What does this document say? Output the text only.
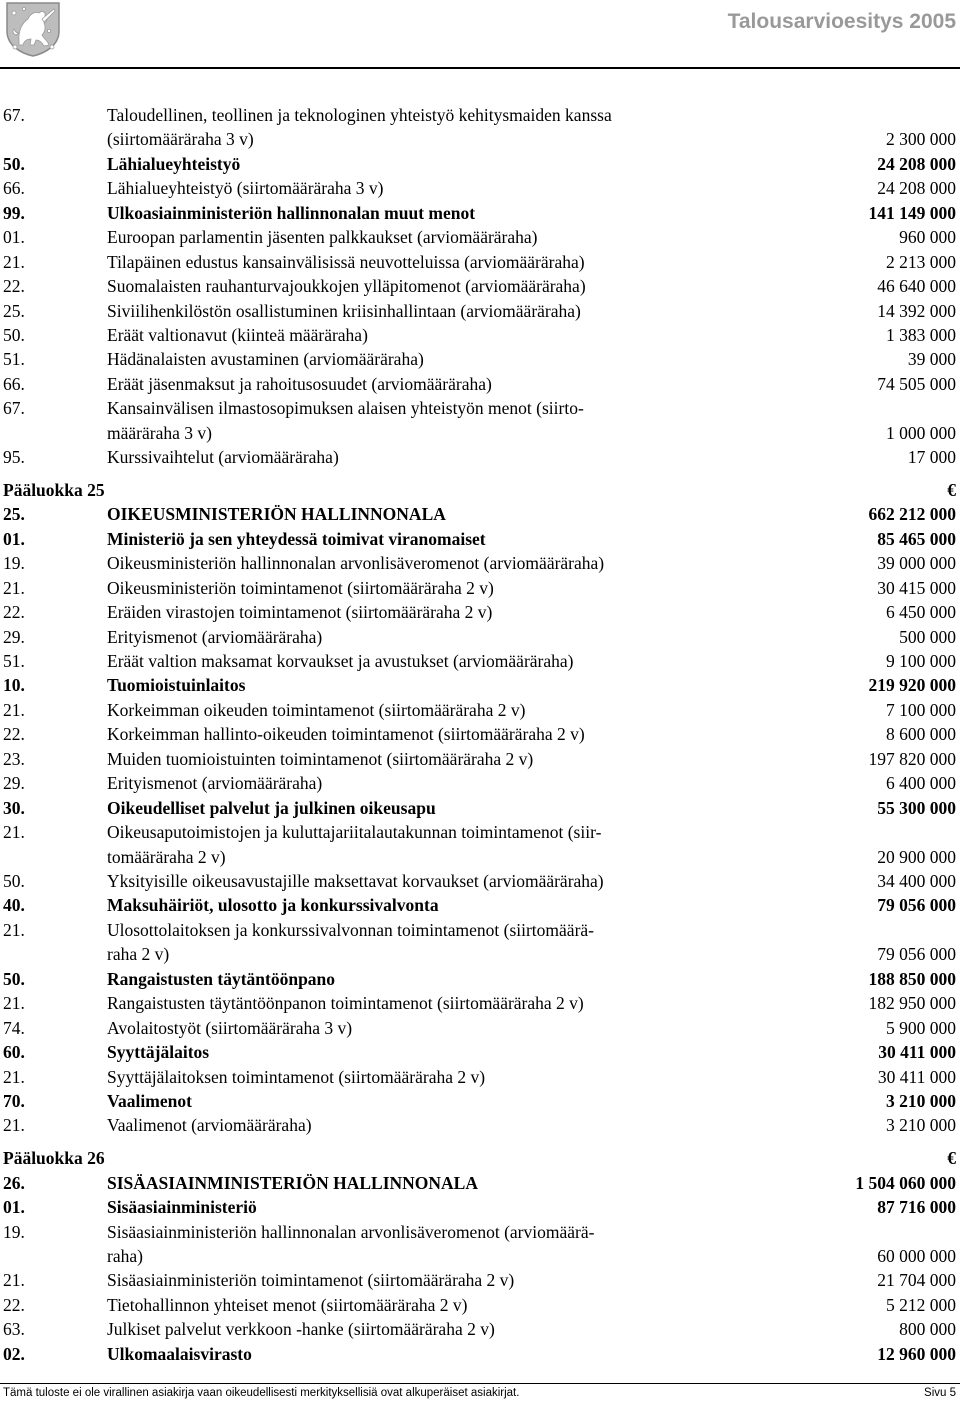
Talousarvioesitys 2005
67.	Taloudellinen, teollinen ja teknologinen yhteistyö kehitysmaiden kanssa
(siirtomääräraha 3 v)	2 300 000
50.	Lähialueyhteistyö	24 208 000
66.	Lähialueyhteistyö (siirtomääräraha 3 v)	24 208 000
99.	Ulkoasiainministeriön hallinnonalan muut menot	141 149 000
01.	Euroopan parlamentin jäsenten palkkaukset (arviomääräraha)	960 000
21.	Tilapäinen edustus kansainvälisissä neuvotteluissa (arviomääräraha)	2 213 000
22.	Suomalaisten rauhanturvajoukkojen ylläpitomenot (arviomääräraha)	46 640 000
25.	Siviilihenkilöstön osallistuminen kriisinhallintaan (arviomääräraha)	14 392 000
50.	Eräät valtionavut (kiinteä määräraha)	1 383 000
51.	Hädänalaisten avustaminen (arviomääräraha)	39 000
66.	Eräät jäsenmaksut ja rahoitusosuudet (arviomääräraha)	74 505 000
67.	Kansainvälisen ilmastosopimuksen alaisen yhteistyön menot (siirto-
määräraha 3 v)	1 000 000
95.	Kurssivaihtelut (arviomääräraha)	17 000
Pääluokka 25	€
25.	OIKEUSMINISTERIÖN HALLINNONALA	662 212 000
01.	Ministeriö ja sen yhteydessä toimivat viranomaiset	85 465 000
19.	Oikeusministeriön hallinnonalan arvonlisäveromenot (arviomääräraha)	39 000 000
21.	Oikeusministeriön toimintamenot (siirtomääräraha 2 v)	30 415 000
22.	Eräiden virastojen toimintamenot (siirtomääräraha 2 v)	6 450 000
29.	Erityismenot (arviomääräraha)	500 000
51.	Eräät valtion maksamat korvaukset ja avustukset (arviomääräraha)	9 100 000
10.	Tuomioistuinlaitos	219 920 000
21.	Korkeimman oikeuden toimintamenot (siirtomääräraha 2 v)	7 100 000
22.	Korkeimman hallinto-oikeuden toimintamenot (siirtomääräraha 2 v)	8 600 000
23.	Muiden tuomioistuinten toimintamenot (siirtomääräraha 2 v)	197 820 000
29.	Erityismenot (arviomääräraha)	6 400 000
30.	Oikeudelliset palvelut ja julkinen oikeusapu	55 300 000
21.	Oikeusaputoimistojen ja kuluttajariitalautakunnan toimintamenot (siir-
tomääräraha 2 v)	20 900 000
50.	Yksityisille oikeusavustajille maksettavat korvaukset (arviomääräraha)	34 400 000
40.	Maksuhäiriöt, ulosotto ja konkurssivalvonta	79 056 000
21.	Ulosottolaitoksen ja konkurssivalvonnan toimintamenot (siirtomäärä-
raha 2 v)	79 056 000
50.	Rangaistusten täytäntöönpano	188 850 000
21.	Rangaistusten täytäntöönpanon toimintamenot (siirtomääräraha 2 v)	182 950 000
74.	Avolaitostyöt (siirtomääräraha 3 v)	5 900 000
60.	Syyttäjälaitos	30 411 000
21.	Syyttäjälaitoksen toimintamenot (siirtomääräraha 2 v)	30 411 000
70.	Vaalimenot	3 210 000
21.	Vaalimenot (arviomääräraha)	3 210 000
Pääluokka 26	€
26.	SISÄASIAINMINISTERIÖN HALLINNONALA	1 504 060 000
01.	Sisäasiainministeriö	87 716 000
19.	Sisäasiainministeriön hallinnonalan arvonlisäveromenot (arviomäärä-
raha)	60 000 000
21.	Sisäasiainministeriön toimintamenot (siirtomääräraha 2 v)	21 704 000
22.	Tietohallinnon yhteiset menot (siirtomääräraha 2 v)	5 212 000
63.	Julkiset palvelut verkkoon -hanke (siirtomääräraha 2 v)	800 000
02.	Ulkomaalaisvirasto	12 960 000
Tämä tuloste ei ole virallinen asiakirja vaan oikeudellisesti merkityksellisiä ovat alkuperäiset asiakirjat.	Sivu 5
